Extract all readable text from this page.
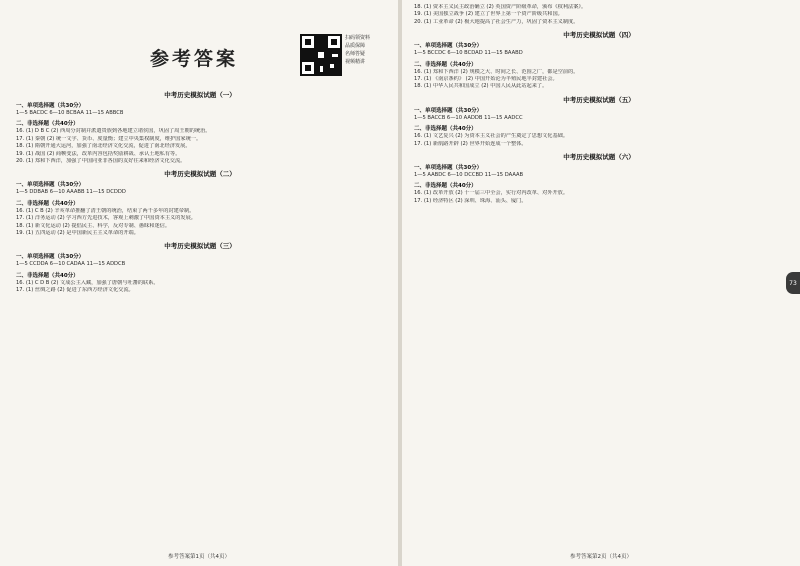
参考答案
扫码领资料
品质保障
名师答疑
视频精讲
中考历史模拟试题（一）
一、单项选择题（共30分）
1—5 BACDC 6—10 BCBAA 11—15 ABBCB
二、非选择题（共40分）
16. (1) D B C (2) 西周分封制并派遣贵族到各地建立诸侯国，巩固了周王朝的统治。
17. (1) 秦朝 (2) 统一文字、货币、度量衡；建立中央集权制度，维护国家统一。
18. (1) 隋朝开通大运河，加强了南北经济文化交流，促进了南北经济发展。
19. (1) 战国 (2) 商鞅变法，改革内容包括奖励耕战、承认土地私有等。
20. (1) 郑和下西洋，加强了中国同亚非各国的友好往来和经济文化交流。
中考历史模拟试题（二）
一、单项选择题（共30分）
1—5 DDBAB 6—10 AAABB 11—15 DCDDD
二、非选择题（共40分）
16. (1) C B (2) 辛亥革命推翻了清王朝的统治，结束了两千多年的封建帝制。
17. (1) 洋务运动 (2) 学习西方先进技术，客观上刺激了中国资本主义的发展。
18. (1) 新文化运动 (2) 提倡民主、科学，反对专制、愚昧和迷信。
19. (1) 五四运动 (2) 是中国新民主主义革命的开端。
中考历史模拟试题（三）
一、单项选择题（共30分）
1—5 CCDDA 6—10 CADAA 11—15 ADDCB
二、非选择题（共40分）
16. (1) C D B (2) 文成公主入藏，加强了唐朝与吐蕃的联系。
17. (1) 丝绸之路 (2) 促进了东西方经济文化交流。
参考答案第1页（共4页）
18. (1) 资本主义民主政治确立 (2) 英国资产阶级革命，颁布《权利法案》。
19. (1) 美国独立战争 (2) 建立了世界上第一个资产阶级共和国。
20. (1) 工业革命 (2) 极大地提高了社会生产力，巩固了资本主义制度。
中考历史模拟试题（四）
一、单项选择题（共30分）
1—5 BCCDC 6—10 BCDAD 11—15 BAABD
二、非选择题（共40分）
16. (1) 郑和下西洋 (2) 规模之大、时间之长、范围之广，都是空前的。
17. (1) 《南京条约》 (2) 中国开始沦为半殖民地半封建社会。
18. (1) 中华人民共和国成立 (2) 中国人民从此站起来了。
中考历史模拟试题（五）
一、单项选择题（共30分）
1—5 BACCB 6—10 AADDB 11—15 AADCC
二、非选择题（共40分）
16. (1) 文艺复兴 (2) 为资本主义社会的产生奠定了思想文化基础。
17. (1) 新航路开辟 (2) 世界开始连成一个整体。
中考历史模拟试题（六）
一、单项选择题（共30分）
1—5 AABDC 6—10 DCCBD 11—15 DAAAB
二、非选择题（共40分）
16. (1) 改革开放 (2) 十一届三中全会，实行对内改革、对外开放。
17. (1) 经济特区 (2) 深圳、珠海、汕头、厦门。
73
参考答案第2页（共4页）
